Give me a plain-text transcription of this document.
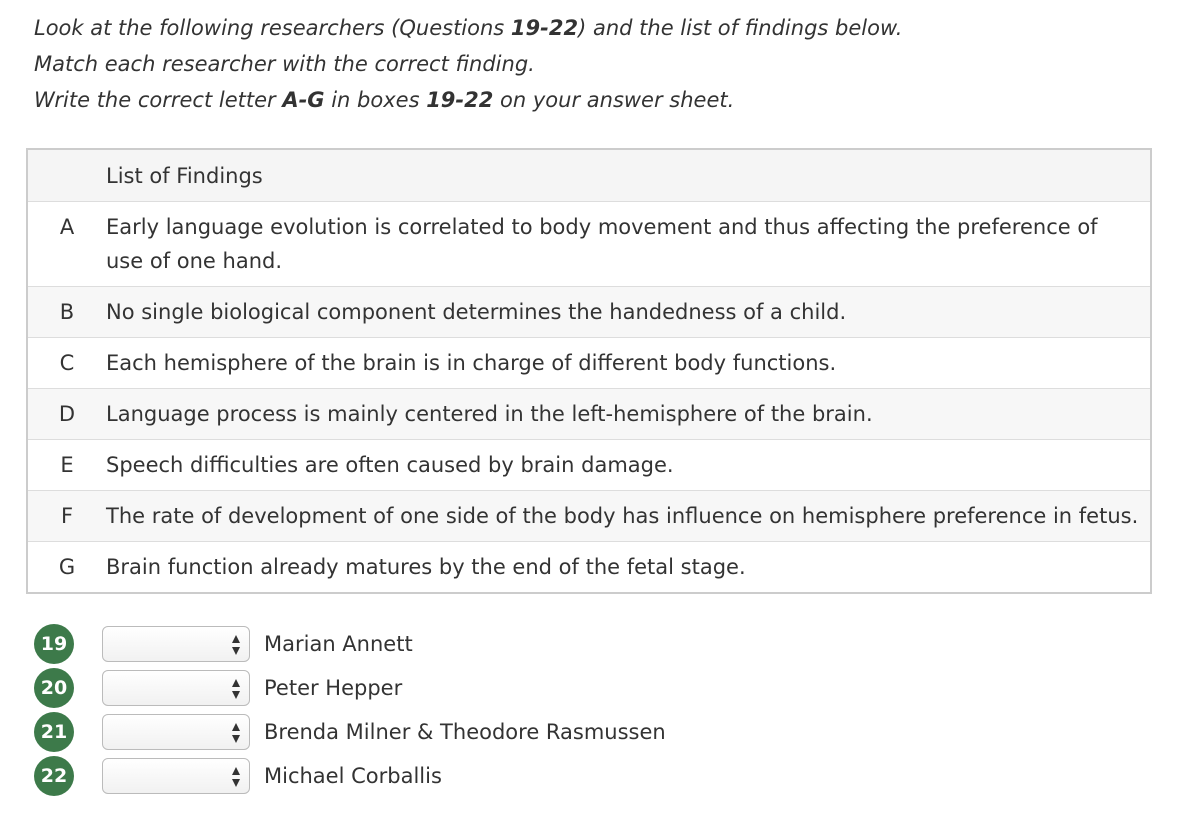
Look at the following researchers (Questions 19-22) and the list of findings below.
Match each researcher with the correct finding.
Write the correct letter A-G in boxes 19-22 on your answer sheet.
List of Findings
A	Early language evolution is correlated to body movement and thus affecting the preference of use of one hand.
B	No single biological component determines the handedness of a child.
C	Each hemisphere of the brain is in charge of different body functions.
D	Language process is mainly centered in the left-hemisphere of the brain.
E	Speech difficulties are often caused by brain damage.
F	The rate of development of one side of the body has influence on hemisphere preference in fetus.
G	Brain function already matures by the end of the fetal stage.
19	Marian Annett
20	Peter Hepper
21	Brenda Milner & Theodore Rasmussen
22	Michael Corballis
